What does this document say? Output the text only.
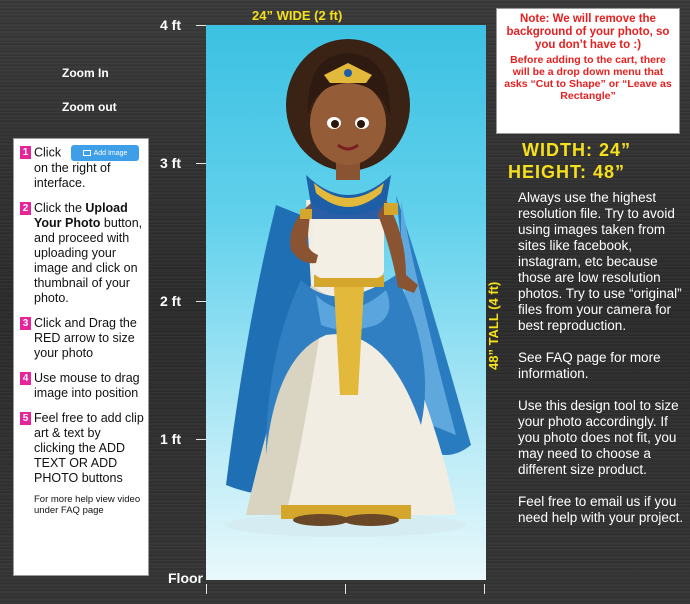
4 ft
3 ft
2 ft
1 ft
Floor
Zoom In
Zoom out
1 Click	Add Image
on the right of interface.
2 Click the Upload Your Photo button, and proceed with uploading your image and click on thumbnail of your photo.
3 Click and Drag the RED arrow to size your photo
4 Use mouse to drag image into position
5 Feel free to add clip art & text by clicking the ADD TEXT OR ADD PHOTO buttons
For more help view video under FAQ page
24” WIDE (2 ft)
48” TALL (4 ft)
Note: We will remove the background of your photo, so you don’t have to :)
Before adding to the cart, there will be a drop down menu that asks “Cut to Shape” or “Leave as Rectangle”
WIDTH: 24”
HEIGHT: 48”

Always use the highest resolution file. Try to avoid using images taken from sites like facebook, instagram, etc because those are low resolution photos. Try to use “original” files from your camera for best reproduction.

See FAQ page for more information.

Use this design tool to size your photo accordingly. If you photo does not fit, you may need to choose a different size product.

Feel free to email us if you need help with your project.
